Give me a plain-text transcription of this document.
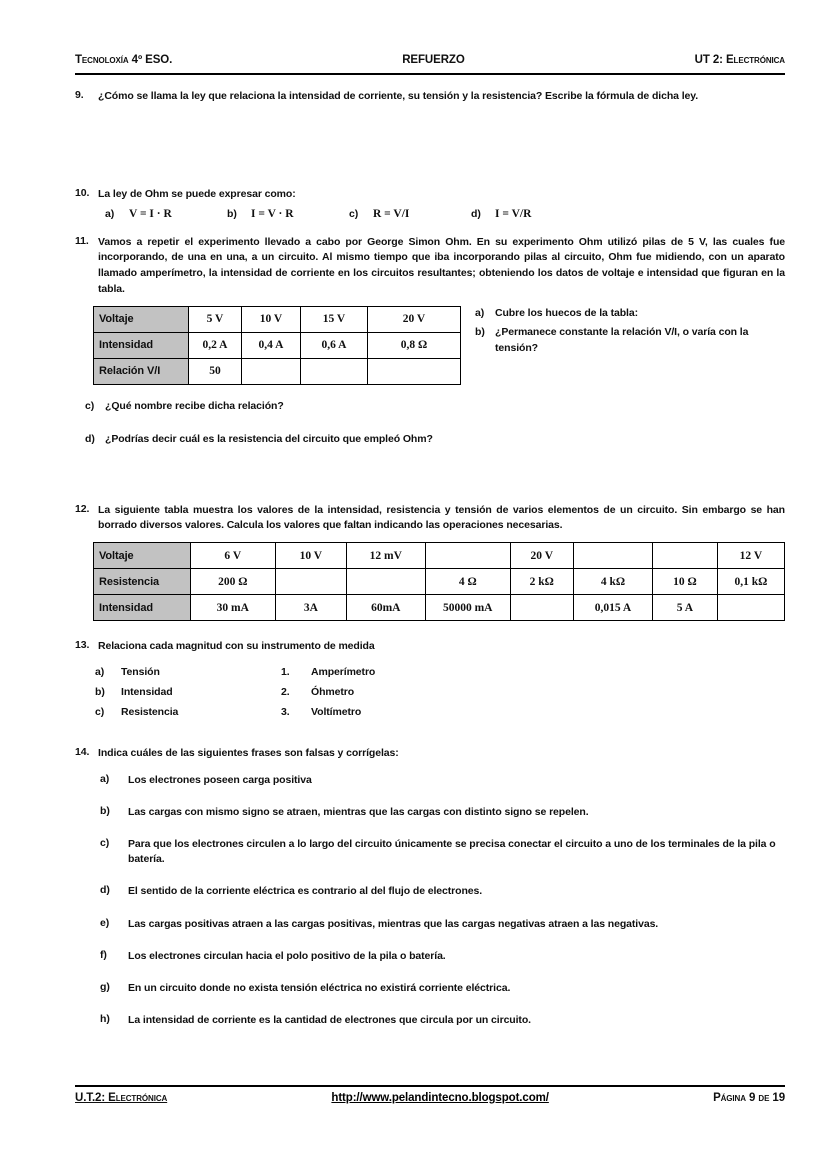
Tecnoloxía 4º ESO.	REFUERZO	UT 2: Electrónica
9.	¿Cómo se llama la ley que relaciona la intensidad de corriente, su tensión y la resistencia? Escribe la fórmula de dicha ley.
10. La ley de Ohm se puede expresar como:
a)	V = I · R	b)	I = V · R	c)	R = V/I	d)	I = V/R
11. Vamos a repetir el experimento llevado a cabo por George Simon Ohm. En su experimento Ohm utilizó pilas de 5 V, las cuales fue incorporando, de una en una, a un circuito. Al mismo tiempo que iba incorporando pilas al circuito, Ohm fue midiendo, con un aparato llamado amperímetro, la intensidad de corriente en los circuitos resultantes; obteniendo los datos de voltaje e intensidad que figuran en la tabla.
Voltaje	5 V	10 V	15 V	20 V
Intensidad	0,2 A	0,4 A	0,6 A	0,8 Ω
Relación V/I	50			
a)	Cubre los huecos de la tabla:
b) ¿Permanece constante la relación V/I, o varía con la tensión?
c)	¿Qué nombre recibe dicha relación?
d) ¿Podrías decir cuál es la resistencia del circuito que empleó Ohm?
12. La siguiente tabla muestra los valores de la intensidad, resistencia y tensión de varios elementos de un circuito. Sin embargo se han borrado diversos valores. Calcula los valores que faltan indicando las operaciones necesarias.
Voltaje	6 V	10 V	12 mV		20 V			12 V
Resistencia	200 Ω			4 Ω	2 kΩ	4 kΩ	10 Ω	0,1 kΩ
Intensidad	30 mA	3A	60mA	50000 mA		0,015 A	5 A	
13. Relaciona cada magnitud con su instrumento de medida
a)	Tensión	1.	Amperímetro
b)	Intensidad	2.	Óhmetro
c)	Resistencia	3.	Voltímetro
14. Indica cuáles de las siguientes frases son falsas y corrígelas:
a)	Los electrones poseen carga positiva
b)	Las cargas con mismo signo se atraen, mientras que las cargas con distinto signo se repelen.
c)	Para que los electrones circulen a lo largo del circuito únicamente se precisa conectar el circuito a uno de los terminales de la pila o batería.
d)	El sentido de la corriente eléctrica es contrario al del flujo de electrones.
e)	Las cargas positivas atraen a las cargas positivas, mientras que las cargas negativas atraen a las negativas.
f)	Los electrones circulan hacia el polo positivo de la pila o batería.
g)	En un circuito donde no exista tensión eléctrica no existirá corriente eléctrica.
h)	La intensidad de corriente es la cantidad de electrones que circula por un circuito.
U.T.2: Electrónica	http://www.pelandintecno.blogspot.com/	Página 9 de 19
